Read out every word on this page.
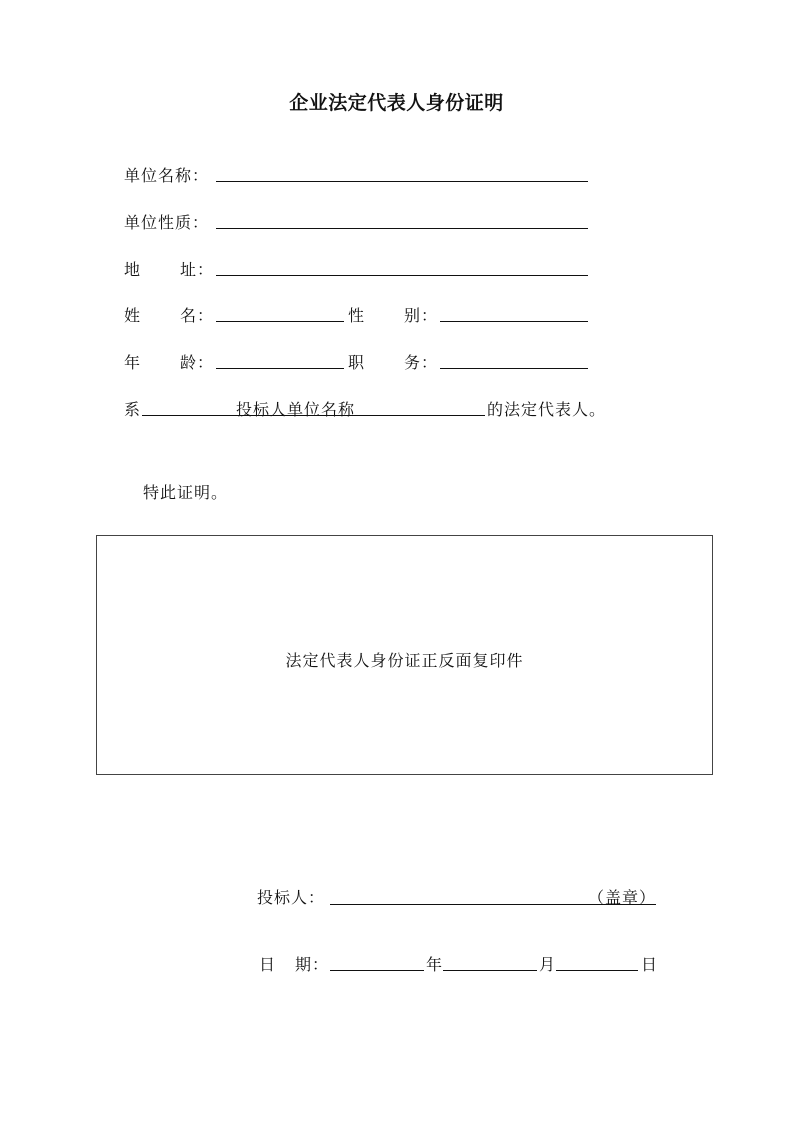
企业法定代表人身份证明
单位名称：
单位性质：
地 址：
姓 名：	性 别：
年 龄：	职 务：
系	投标人单位名称	的法定代表人。
特此证明。
法定代表人身份证正反面复印件
投标人：	（盖章）
日 期：	年	月	日
